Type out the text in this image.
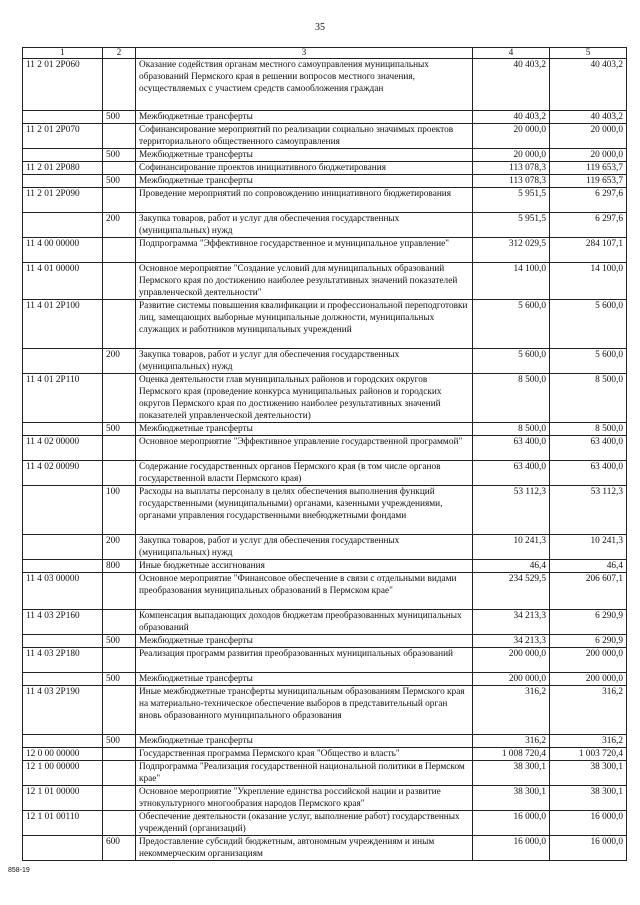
35
1	2	3	4	5
11 2 01 2P060		Оказание содействия органам местного самоуправления муниципальных образований Пермского края в решении вопросов местного значения, осуществляемых с участием средств самообложения граждан	40 403,2	40 403,2
	500	Межбюджетные трансферты	40 403,2	40 403,2
11 2 01 2P070		Софинансирование мероприятий по реализации социально значимых проектов территориального общественного самоуправления	20 000,0	20 000,0
	500	Межбюджетные трансферты	20 000,0	20 000,0
11 2 01 2P080		Софинансирование проектов инициативного бюджетирования	113 078,3	119 653,7
	500	Межбюджетные трансферты	113 078,3	119 653,7
11 2 01 2P090		Проведение мероприятий по сопровождению инициативного бюджетирования	5 951,5	6 297,6
	200	Закупка товаров, работ и услуг для обеспечения государственных (муниципальных) нужд	5 951,5	6 297,6
11 4 00 00000		Подпрограмма "Эффективное государственное и муниципальное управление"	312 029,5	284 107,1
11 4 01 00000		Основное мероприятие "Создание условий для муниципальных образований Пермского края по достижению наиболее результативных значений показателей управленческой деятельности"	14 100,0	14 100,0
11 4 01 2P100		Развитие системы повышения квалификации и профессиональной переподготовки лиц, замещающих выборные муниципальные должности, муниципальных служащих и работников муниципальных учреждений	5 600,0	5 600,0
	200	Закупка товаров, работ и услуг для обеспечения государственных (муниципальных) нужд	5 600,0	5 600,0
11 4 01 2P110		Оценка деятельности глав муниципальных районов и городских округов Пермского края (проведение конкурса муниципальных районов и городских округов Пермского края по достижению наиболее результативных значений показателей управленческой деятельности)	8 500,0	8 500,0
	500	Межбюджетные трансферты	8 500,0	8 500,0
11 4 02 00000		Основное мероприятие "Эффективное управление государственной программой"	63 400,0	63 400,0
11 4 02 00090		Содержание государственных органов Пермского края (в том числе органов государственной власти Пермского края)	63 400,0	63 400,0
	100	Расходы на выплаты персоналу в целях обеспечения выполнения функций государственными (муниципальными) органами, казенными учреждениями, органами управления государственными внебюджетными фондами	53 112,3	53 112,3
	200	Закупка товаров, работ и услуг для обеспечения государственных (муниципальных) нужд	10 241,3	10 241,3
	800	Иные бюджетные ассигнования	46,4	46,4
11 4 03 00000		Основное мероприятие "Финансовое обеспечение в связи с отдельными видами преобразования муниципальных образований в Пермском крае"	234 529,5	206 607,1
11 4 03 2P160		Компенсация выпадающих доходов бюджетам преобразованных муниципальных образований	34 213,3	6 290,9
	500	Межбюджетные трансферты	34 213,3	6 290,9
11 4 03 2P180		Реализация программ развития преобразованных муниципальных образований	200 000,0	200 000,0
	500	Межбюджетные трансферты	200 000,0	200 000,0
11 4 03 2P190		Иные межбюджетные трансферты муниципальным образованиям Пермского края на материально-техническое обеспечение выборов в представительный орган вновь образованного муниципального образования	316,2	316,2
	500	Межбюджетные трансферты	316,2	316,2
12 0 00 00000		Государственная программа Пермского края "Общество и власть"	1 008 720,4	1 003 720,4
12 1 00 00000		Подпрограмма "Реализация государственной национальной политики в Пермском крае"	38 300,1	38 300,1
12 1 01 00000		Основное мероприятие "Укрепление единства российской нации и развитие этнокультурного многообразия народов Пермского края"	38 300,1	38 300,1
12 1 01 00110		Обеспечение деятельности (оказание услуг, выполнение работ) государственных учреждений (организаций)	16 000,0	16 000,0
	600	Предоставление субсидий бюджетным, автономным учреждениям и иным некоммерческим организациям	16 000,0	16 000,0
858-19
